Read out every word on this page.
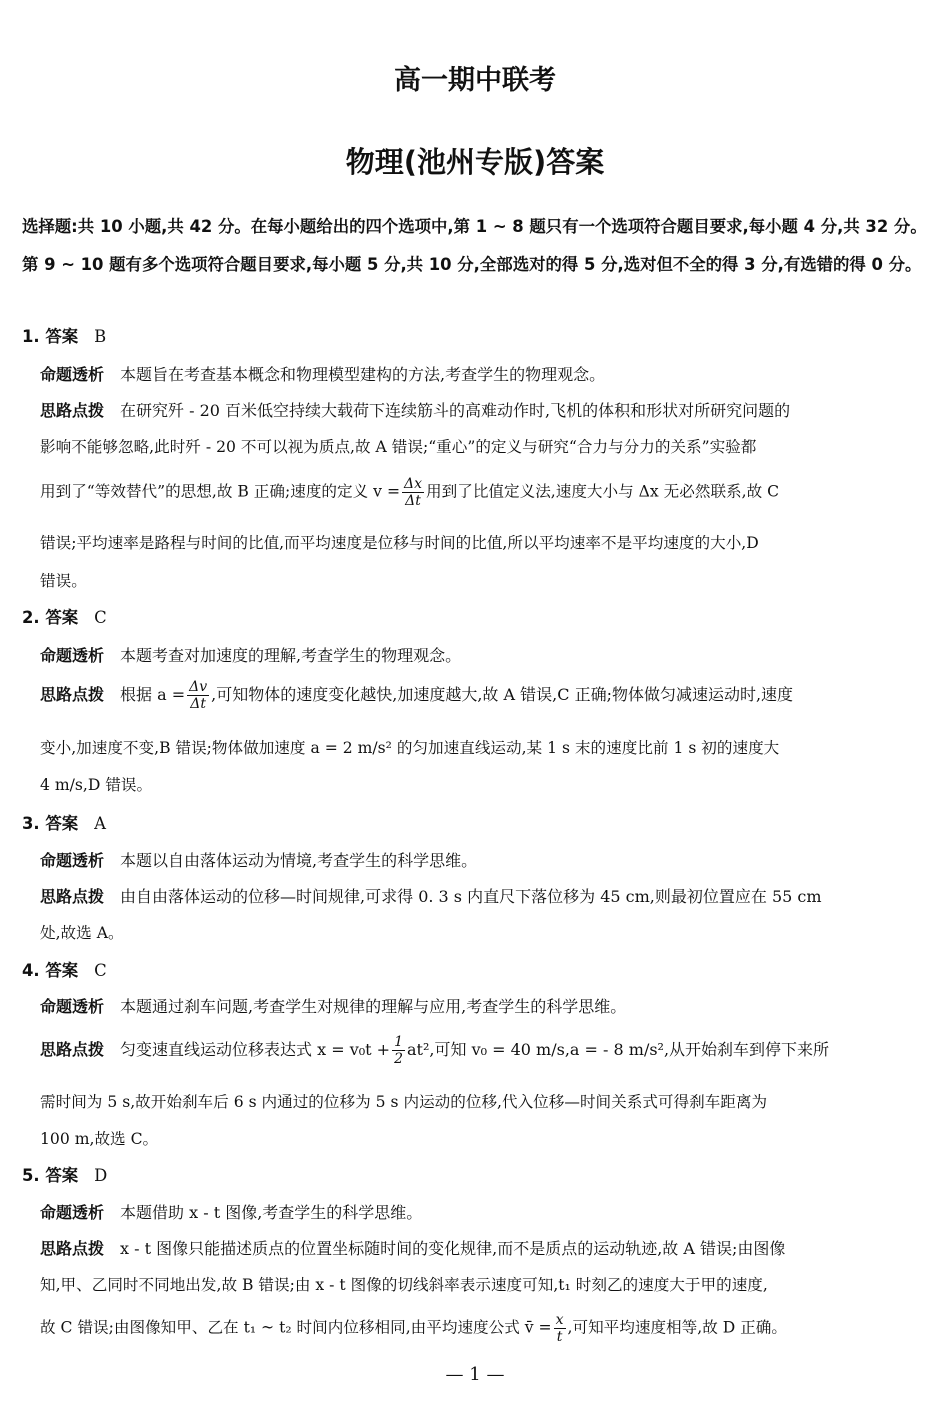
高一期中联考
物理(池州专版)答案
选择题:共 10 小题,共 42 分。在每小题给出的四个选项中,第 1 ~ 8 题只有一个选项符合题目要求,每小题 4 分,共 32 分。第 9 ~ 10 题有多个选项符合题目要求,每小题 5 分,共 10 分,全部选对的得 5 分,选对但不全的得 3 分,有选错的得 0 分。
1. 答案 B
命题透析 本题旨在考查基本概念和物理模型建构的方法,考查学生的物理观念。
思路点拨 在研究歼 - 20 百米低空持续大载荷下连续筋斗的高难动作时,飞机的体积和形状对所研究问题的
影响不能够忽略,此时歼 - 20 不可以视为质点,故 A 错误;“重心”的定义与研究“合力与分力的关系”实验都
用到了“等效替代”的思想,故 B 正确;速度的定义 $v = \frac{\Delta x}{\Delta t}$ 用到了比值定义法,速度大小与 Δx 无必然联系,故 C
错误;平均速率是路程与时间的比值,而平均速度是位移与时间的比值,所以平均速率不是平均速度的大小,D
错误。
2. 答案 C
命题透析 本题考查对加速度的理解,考查学生的物理观念。
思路点拨 根据 $a = \frac{\Delta v}{\Delta t}$ ,可知物体的速度变化越快,加速度越大,故 A 错误,C 正确;物体做匀减速运动时,速度
变小,加速度不变,B 错误;物体做加速度 a = 2 m/s² 的匀加速直线运动,某 1 s 末的速度比前 1 s 初的速度大
4 m/s,D 错误。
3. 答案 A
命题透析 本题以自由落体运动为情境,考查学生的科学思维。
思路点拨 由自由落体运动的位移—时间规律,可求得 0. 3 s 内直尺下落位移为 45 cm,则最初位置应在 55 cm
处,故选 A。
4. 答案 C
命题透析 本题通过刹车问题,考查学生对规律的理解与应用,考查学生的科学思维。
思路点拨 匀变速直线运动位移表达式 $x = v_0t + \frac{1}{2} at^2$,可知 v₀ = 40 m/s,a = - 8 m/s²,从开始刹车到停下来所
需时间为 5 s,故开始刹车后 6 s 内通过的位移为 5 s 内运动的位移,代入位移—时间关系式可得刹车距离为
100 m,故选 C。
5. 答案 D
命题透析 本题借助 x - t 图像,考查学生的科学思维。
思路点拨 x - t 图像只能描述质点的位置坐标随时间的变化规律,而不是质点的运动轨迹,故 A 错误;由图像
知,甲、乙同时不同地出发,故 B 错误;由 x - t 图像的切线斜率表示速度可知,t₁ 时刻乙的速度大于甲的速度,
故 C 错误;由图像知甲、乙在 t₁ ~ t₂ 时间内位移相同,由平均速度公式 v̄ = $\frac{x}{t}$ ,可知平均速度相等,故 D 正确。
— 1 —
